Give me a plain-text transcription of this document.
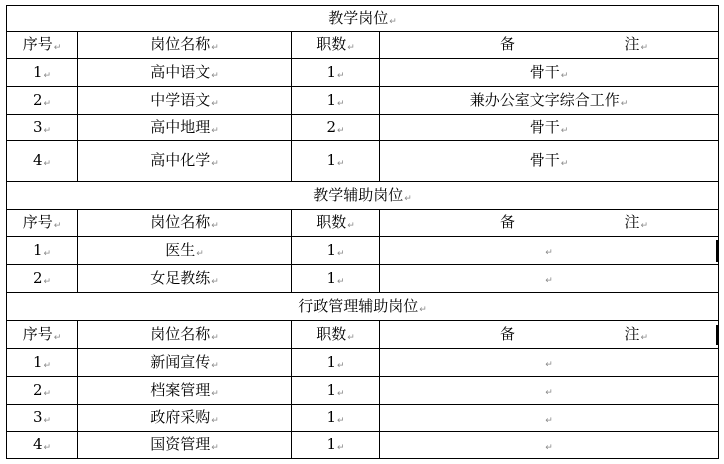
教学岗位↵			
序号↵	岗位名称↵	职数↵	备 注↵

1↵	高中语文↵	1↵	骨干↵
2↵	中学语文↵	1↵	兼办公室文字综合工作↵
3↵	高中地理↵	2↵	骨干↵
4↵	高中化学↵	1↵	骨干↵
教学辅助岗位↵			
序号↵	岗位名称↵	职数↵	备 注↵

1↵	医生↵	1↵	↵
2↵	女足教练↵	1↵	↵
行政管理辅助岗位↵			
序号↵	岗位名称↵	职数↵	备 注↵

1↵	新闻宣传↵	1↵	↵
2↵	档案管理↵	1↵	↵
3↵	政府采购↵	1↵	↵
4↵	国资管理↵	1↵	↵
